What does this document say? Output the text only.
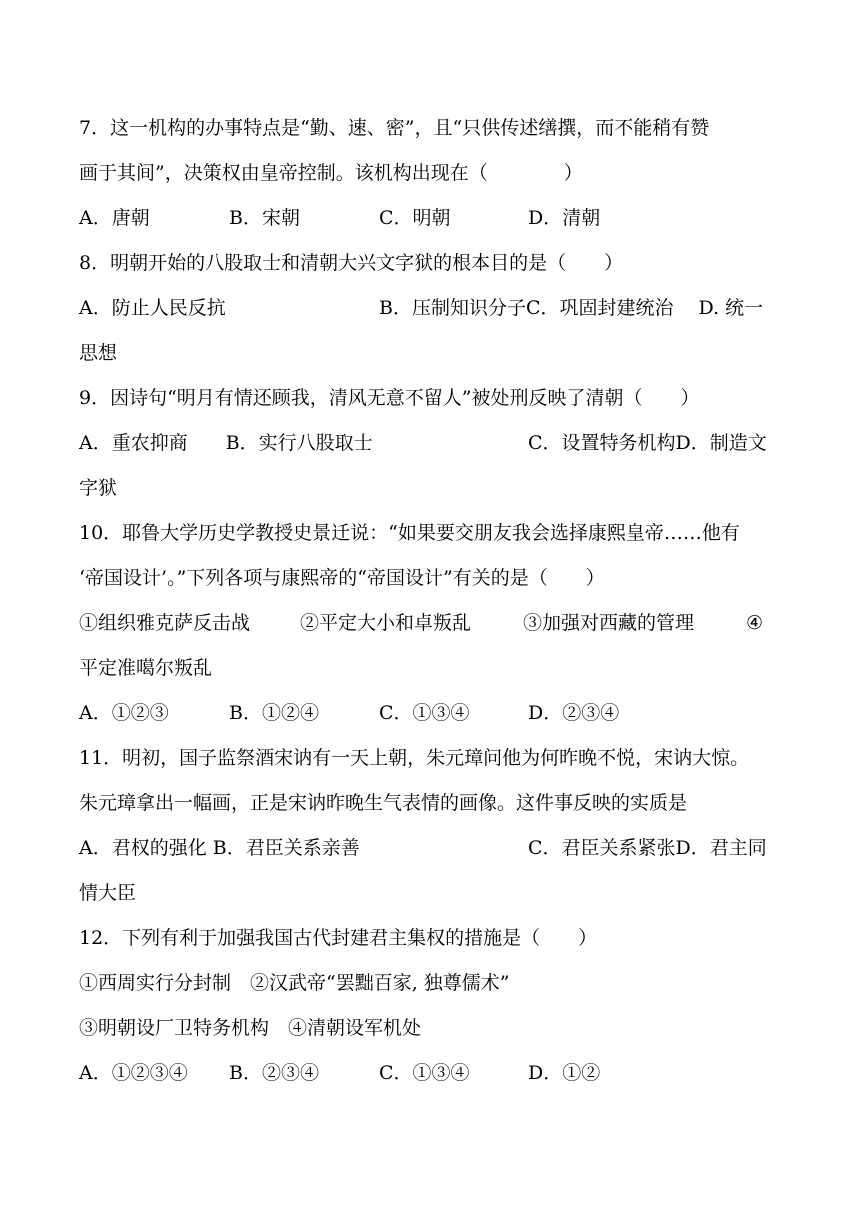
7．这一机构的办事特点是“勤、速、密”，且“只供传述缮撰，而不能稍有赞
画于其间”，决策权由皇帝控制。该机构出现在（　　　　）
A．唐朝	B．宋朝	C．明朝	D．清朝
8．明朝开始的八股取士和清朝大兴文字狱的根本目的是（　　）
A．防止人民反抗	B．压制知识分子C．巩固封建统治　 D. 统一
思想
9．因诗句“明月有情还顾我，清风无意不留人”被处刑反映了清朝（　　）
A．重农抑商　　B．实行八股取士	C．设置特务机构D．制造文
字狱
10．耶鲁大学历史学教授史景迁说：“如果要交朋友我会选择康熙皇帝……他有
‘帝国设计’。”下列各项与康熙帝的“帝国设计”有关的是（　　）
①组织雅克萨反击战	②平定大小和卓叛乱	③加强对西藏的管理	④
平定准噶尔叛乱
A．①②③	B．①②④	C．①③④	D．②③④
11．明初，国子监祭酒宋讷有一天上朝，朱元璋问他为何昨晚不悦，宋讷大惊。
朱元璋拿出一幅画，正是宋讷昨晚生气表情的画像。这件事反映的实质是
A．君权的强化 B．君臣关系亲善	C．君臣关系紧张D．君主同
情大臣
12．下列有利于加强我国古代封建君主集权的措施是（　　）
①西周实行分封制　②汉武帝“罢黜百家, 独尊儒术”
③明朝设厂卫特务机构　④清朝设军机处
A．①②③④ B．②③④	C．①③④	D．①②
